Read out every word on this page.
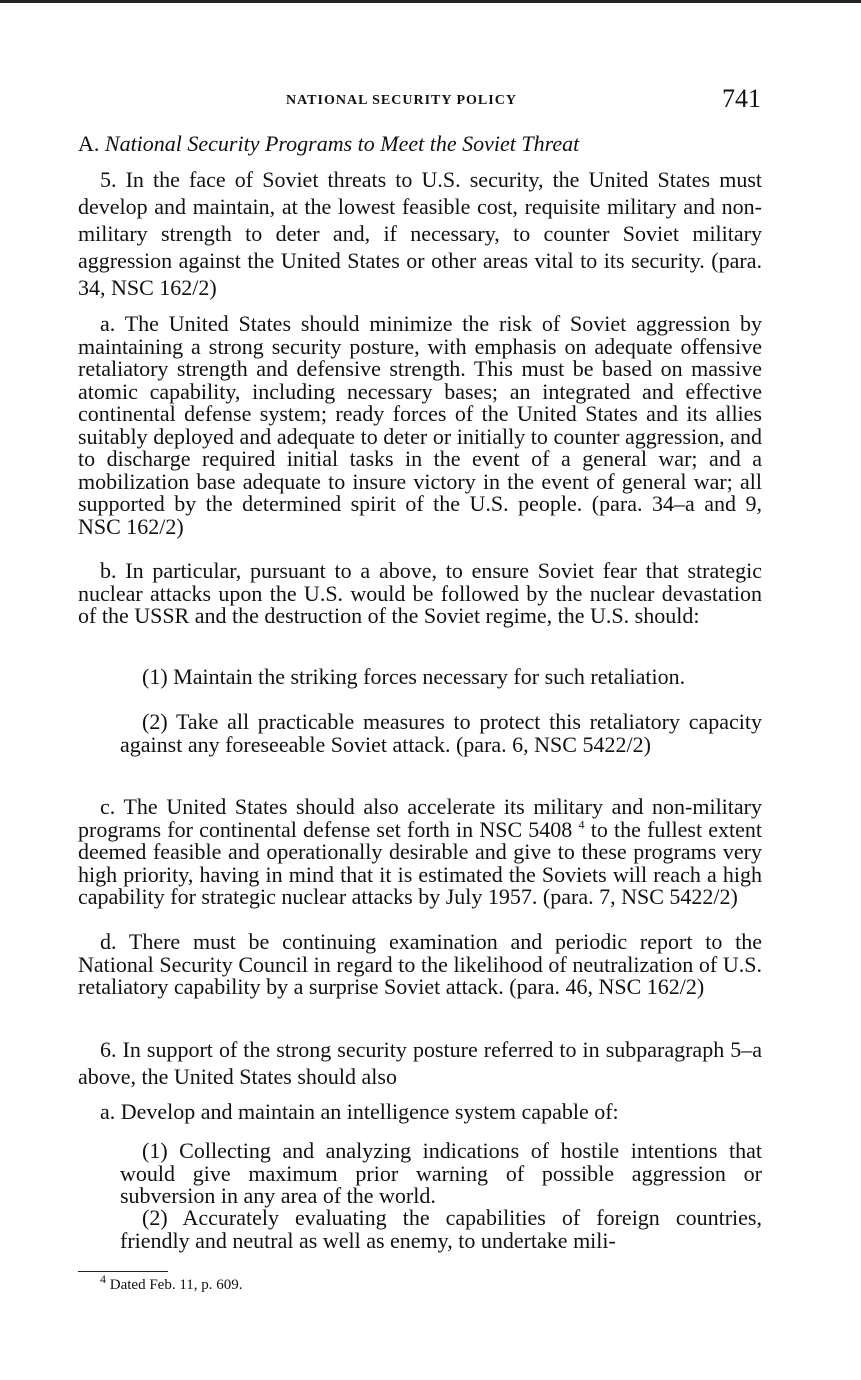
NATIONAL SECURITY POLICY	741
A. National Security Programs to Meet the Soviet Threat

5. In the face of Soviet threats to U.S. security, the United States must develop and maintain, at the lowest feasible cost, requisite military and non-military strength to deter and, if necessary, to counter Soviet military aggression against the United States or other areas vital to its security. (para. 34, NSC 162/2)

a. The United States should minimize the risk of Soviet aggression by maintaining a strong security posture, with emphasis on adequate offensive retaliatory strength and defensive strength. This must be based on massive atomic capability, including necessary bases; an integrated and effective continental defense system; ready forces of the United States and its allies suitably deployed and adequate to deter or initially to counter aggression, and to discharge required initial tasks in the event of a general war; and a mobilization base adequate to insure victory in the event of general war; all supported by the determined spirit of the U.S. people. (para. 34–a and 9, NSC 162/2)

b. In particular, pursuant to a above, to ensure Soviet fear that strategic nuclear attacks upon the U.S. would be followed by the nuclear devastation of the USSR and the destruction of the Soviet regime, the U.S. should:

(1) Maintain the striking forces necessary for such retaliation.

(2) Take all practicable measures to protect this retaliatory capacity against any foreseeable Soviet attack. (para. 6, NSC 5422/2)

c. The United States should also accelerate its military and non-military programs for continental defense set forth in NSC 5408 $^4$ to the fullest extent deemed feasible and operationally desirable and give to these programs very high priority, having in mind that it is estimated the Soviets will reach a high capability for strategic nuclear attacks by July 1957. (para. 7, NSC 5422/2)

d. There must be continuing examination and periodic report to the National Security Council in regard to the likelihood of neutralization of U.S. retaliatory capability by a surprise Soviet attack. (para. 46, NSC 162/2)

6. In support of the strong security posture referred to in subparagraph 5–a above, the United States should also

a. Develop and maintain an intelligence system capable of:

(1) Collecting and analyzing indications of hostile intentions that would give maximum prior warning of possible aggression or subversion in any area of the world.

(2) Accurately evaluating the capabilities of foreign countries, friendly and neutral as well as enemy, to undertake mili-

$^4$ Dated Feb. 11, p. 609.
